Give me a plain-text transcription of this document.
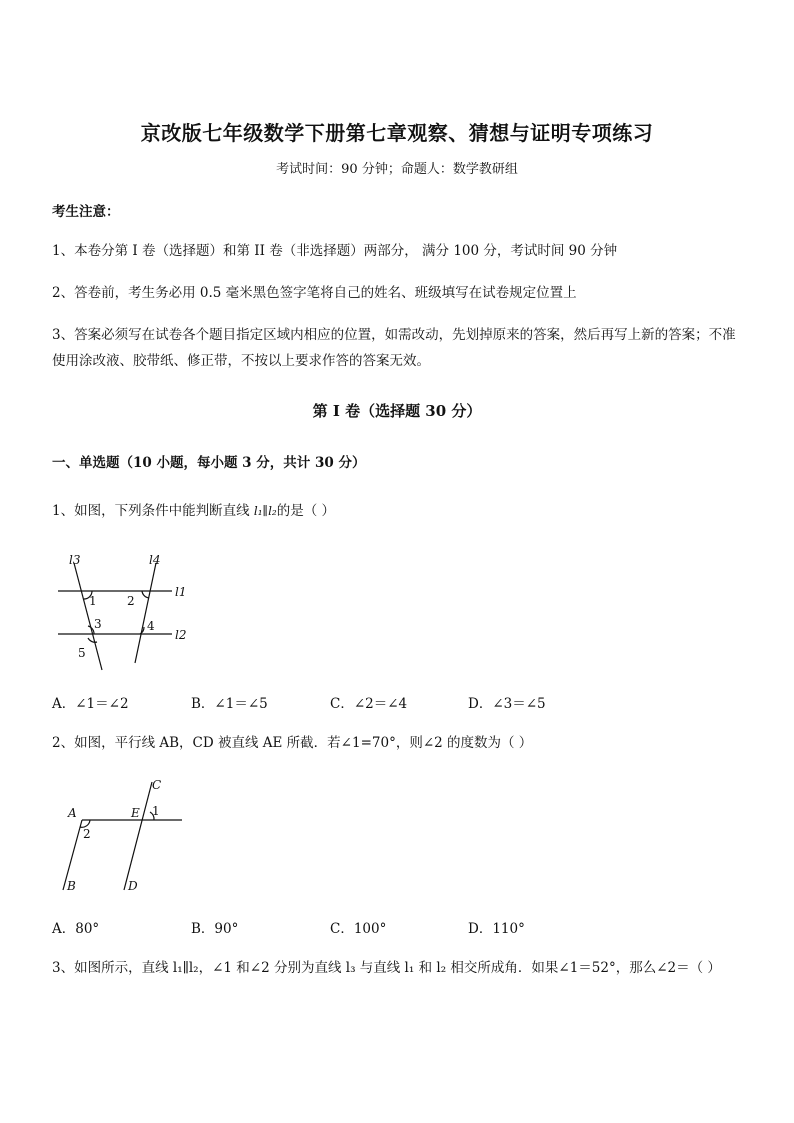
京改版七年级数学下册第七章观察、猜想与证明专项练习
考试时间：90 分钟；命题人：数学教研组
考生注意：
1、本卷分第 I 卷（选择题）和第 II 卷（非选择题）两部分， 满分 100 分，考试时间 90 分钟
2、答卷前，考生务必用 0.5 毫米黑色签字笔将自己的姓名、班级填写在试卷规定位置上
3、答案必须写在试卷各个题目指定区域内相应的位置，如需改动，先划掉原来的答案，然后再写上新的答案；不准使用涂改液、胶带纸、修正带，不按以上要求作答的答案无效。
第 I 卷（选择题 30 分）
一、单选题（10 小题，每小题 3 分，共计 30 分）
1、如图，下列条件中能判断直线 l₁∥l₂的是（ ）
l3	l4
l1
l2
1	2
3	4
5
A．∠1＝∠2	B．∠1＝∠5	C．∠2＝∠4	D．∠3＝∠5
2、如图，平行线 AB，CD 被直线 AE 所截．若∠1=70°，则∠2 的度数为（ ）
C
A	E 1
2
B	D
A．80°	B．90°	C．100°	D．110°
3、如图所示，直线 l₁∥l₂，∠1 和∠2 分别为直线 l₃ 与直线 l₁ 和 l₂ 相交所成角．如果∠1＝52°，那么∠2＝（ ）
